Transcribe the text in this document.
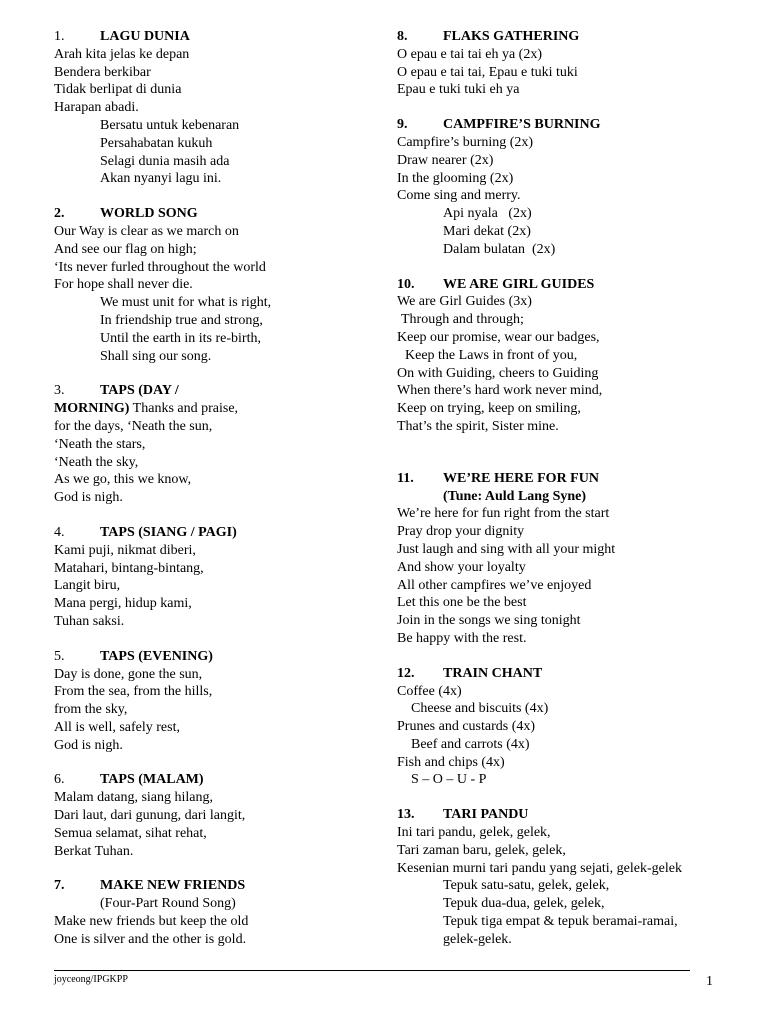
1.	LAGU DUNIA
Arah kita jelas ke depan
Bendera berkibar
Tidak berlipat di dunia
Harapan abadi.
Bersatu untuk kebenaran
Persahabatan kukuh
Selagi dunia masih ada
Akan nyanyi lagu ini.
2.	WORLD SONG
Our Way is clear as we march on
And see our flag on high;
‘Its never furled throughout the world
For hope shall never die.
We must unit for what is right,
In friendship true and strong,
Until the earth in its re-birth,
Shall sing our song.
3.	TAPS (DAY /
MORNING) Thanks and praise,
for the days, ‘Neath the sun,
‘Neath the stars,
‘Neath the sky,
As we go, this we know,
God is nigh.
4.	TAPS (SIANG / PAGI)
Kami puji, nikmat diberi,
Matahari, bintang-bintang,
Langit biru,
Mana pergi, hidup kami,
Tuhan saksi.
5.	TAPS (EVENING)
Day is done, gone the sun,
From the sea, from the hills,
from the sky,
All is well, safely rest,
God is nigh.
6.	TAPS (MALAM)
Malam datang, siang hilang,
Dari laut, dari gunung, dari langit,
Semua selamat, sihat rehat,
Berkat Tuhan.
7.	MAKE NEW FRIENDS
(Four-Part Round Song)
Make new friends but keep the old
One is silver and the other is gold.
8.	FLAKS GATHERING
O epau e tai tai eh ya (2x)
O epau e tai tai, Epau e tuki tuki
Epau e tuki tuki eh ya
9.	CAMPFIRE’S BURNING
Campfire’s burning (2x)
Draw nearer (2x)
In the glooming (2x)
Come sing and merry.
Api nyala   (2x)
Mari dekat (2x)
Dalam bulatan  (2x)
10. WE ARE GIRL GUIDES
We are Girl Guides (3x)
Through and through;
Keep our promise, wear our badges,
Keep the Laws in front of you,
On with Guiding, cheers to Guiding
When there’s hard work never mind,
Keep on trying, keep on smiling,
That’s the spirit, Sister mine.
11. WE’RE HERE FOR FUN
(Tune: Auld Lang Syne)
We’re here for fun right from the start
Pray drop your dignity
Just laugh and sing with all your might
And show your loyalty
All other campfires we’ve enjoyed
Let this one be the best
Join in the songs we sing tonight
Be happy with the rest.
12. TRAIN CHANT
Coffee (4x)
Cheese and biscuits (4x)
Prunes and custards (4x)
Beef and carrots (4x)
Fish and chips (4x)
S – O – U - P
13. TARI PANDU
Ini tari pandu, gelek, gelek,
Tari zaman baru, gelek, gelek,
Kesenian murni tari pandu yang sejati, gelek-gelek
Tepuk satu-satu, gelek, gelek,
Tepuk dua-dua, gelek, gelek,
Tepuk tiga empat & tepuk beramai-ramai,
gelek-gelek.
joyceong/IPGKPP	1
